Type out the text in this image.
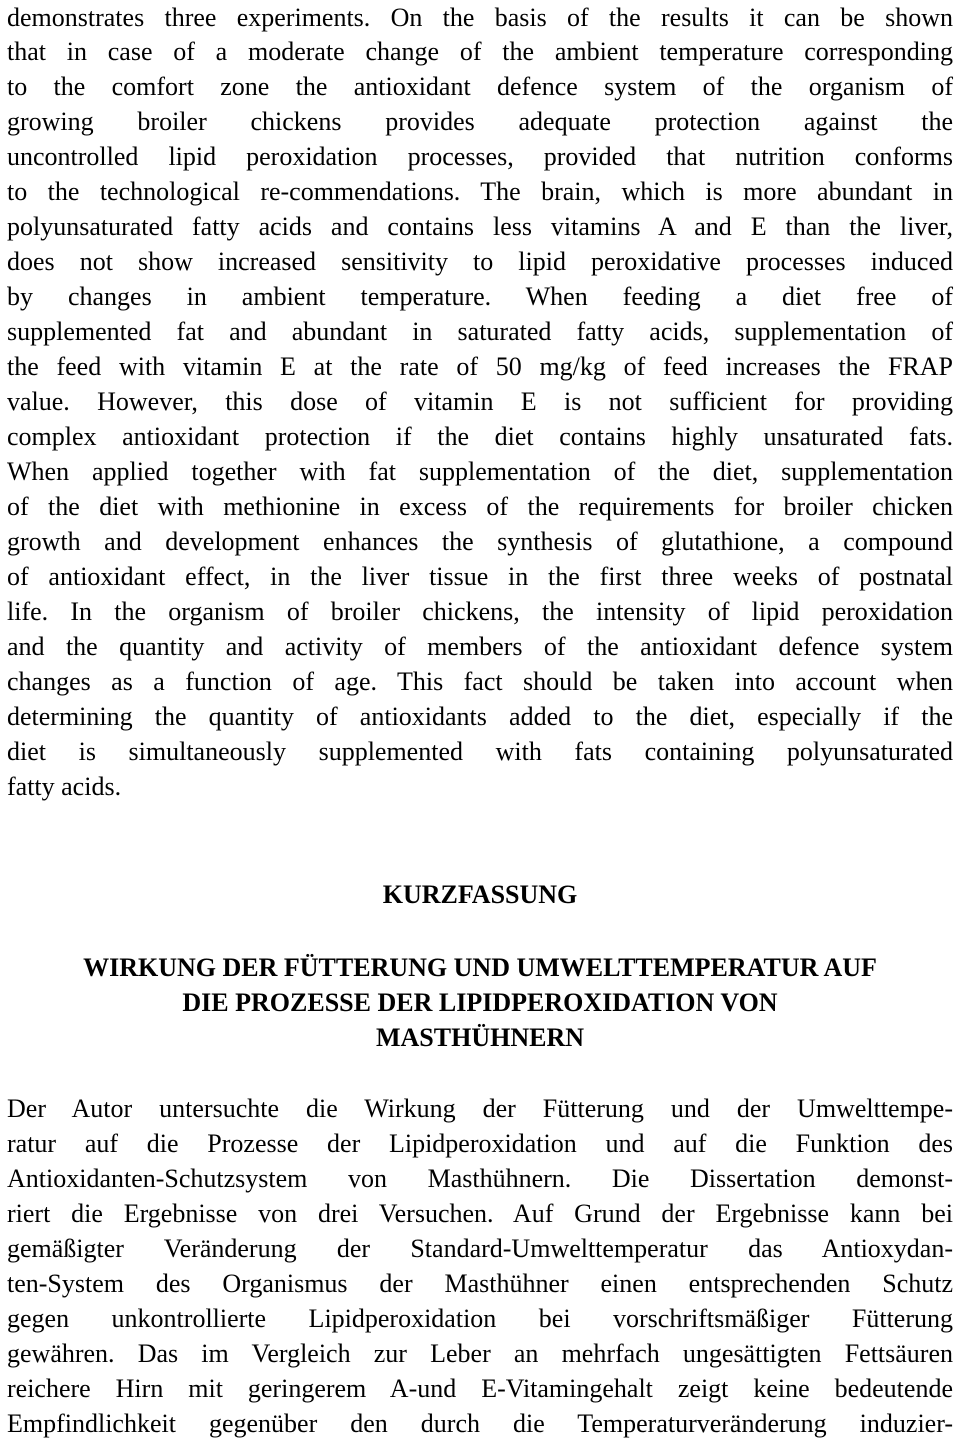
demonstrates three experiments. On the basis of the results it can be shown
that in case of a moderate change of the ambient temperature corresponding
to the comfort zone the antioxidant defence system of the organism of
growing broiler chickens provides adequate protection against the
uncontrolled lipid peroxidation processes, provided that nutrition conforms
to the technological re-commendations. The brain, which is more abundant in
polyunsaturated fatty acids and contains less vitamins A and E than the liver,
does not show increased sensitivity to lipid peroxidative processes induced
by changes in ambient temperature. When feeding a diet free of
supplemented fat and abundant in saturated fatty acids, supplementation of
the feed with vitamin E at the rate of 50 mg/kg of feed increases the FRAP
value. However, this dose of vitamin E is not sufficient for providing
complex antioxidant protection if the diet contains highly unsaturated fats.
When applied together with fat supplementation of the diet, supplementation
of the diet with methionine in excess of the requirements for broiler chicken
growth and development enhances the synthesis of glutathione, a compound
of antioxidant effect, in the liver tissue in the first three weeks of postnatal
life. In the organism of broiler chickens, the intensity of lipid peroxidation
and the quantity and activity of members of the antioxidant defence system
changes as a function of age. This fact should be taken into account when
determining the quantity of antioxidants added to the diet, especially if the
diet is simultaneously supplemented with fats containing polyunsaturated
fatty acids.
KURZFASSUNG
WIRKUNG DER FÜTTERUNG UND UMWELTTEMPERATUR AUF
DIE PROZESSE DER LIPIDPEROXIDATION VON
MASTHÜHNERN
Der Autor untersuchte die Wirkung der Fütterung und der Umwelttempe-
ratur auf die Prozesse der Lipidperoxidation und auf die Funktion des
Antioxidanten-Schutzsystem von Masthühnern. Die Dissertation demonst-
riert die Ergebnisse von drei Versuchen. Auf Grund der Ergebnisse kann bei
gemäßigter Veränderung der Standard-Umwelttemperatur das Antioxydan-
ten-System des Organismus der Masthühner einen entsprechenden Schutz
gegen unkontrollierte Lipidperoxidation bei vorschriftsmäßiger Fütterung
gewähren. Das im Vergleich zur Leber an mehrfach ungesättigten Fettsäuren
reichere Hirn mit geringerem A-und E-Vitamingehalt zeigt keine bedeutende
Empfindlichkeit gegenüber den durch die Temperaturveränderung induzier-
